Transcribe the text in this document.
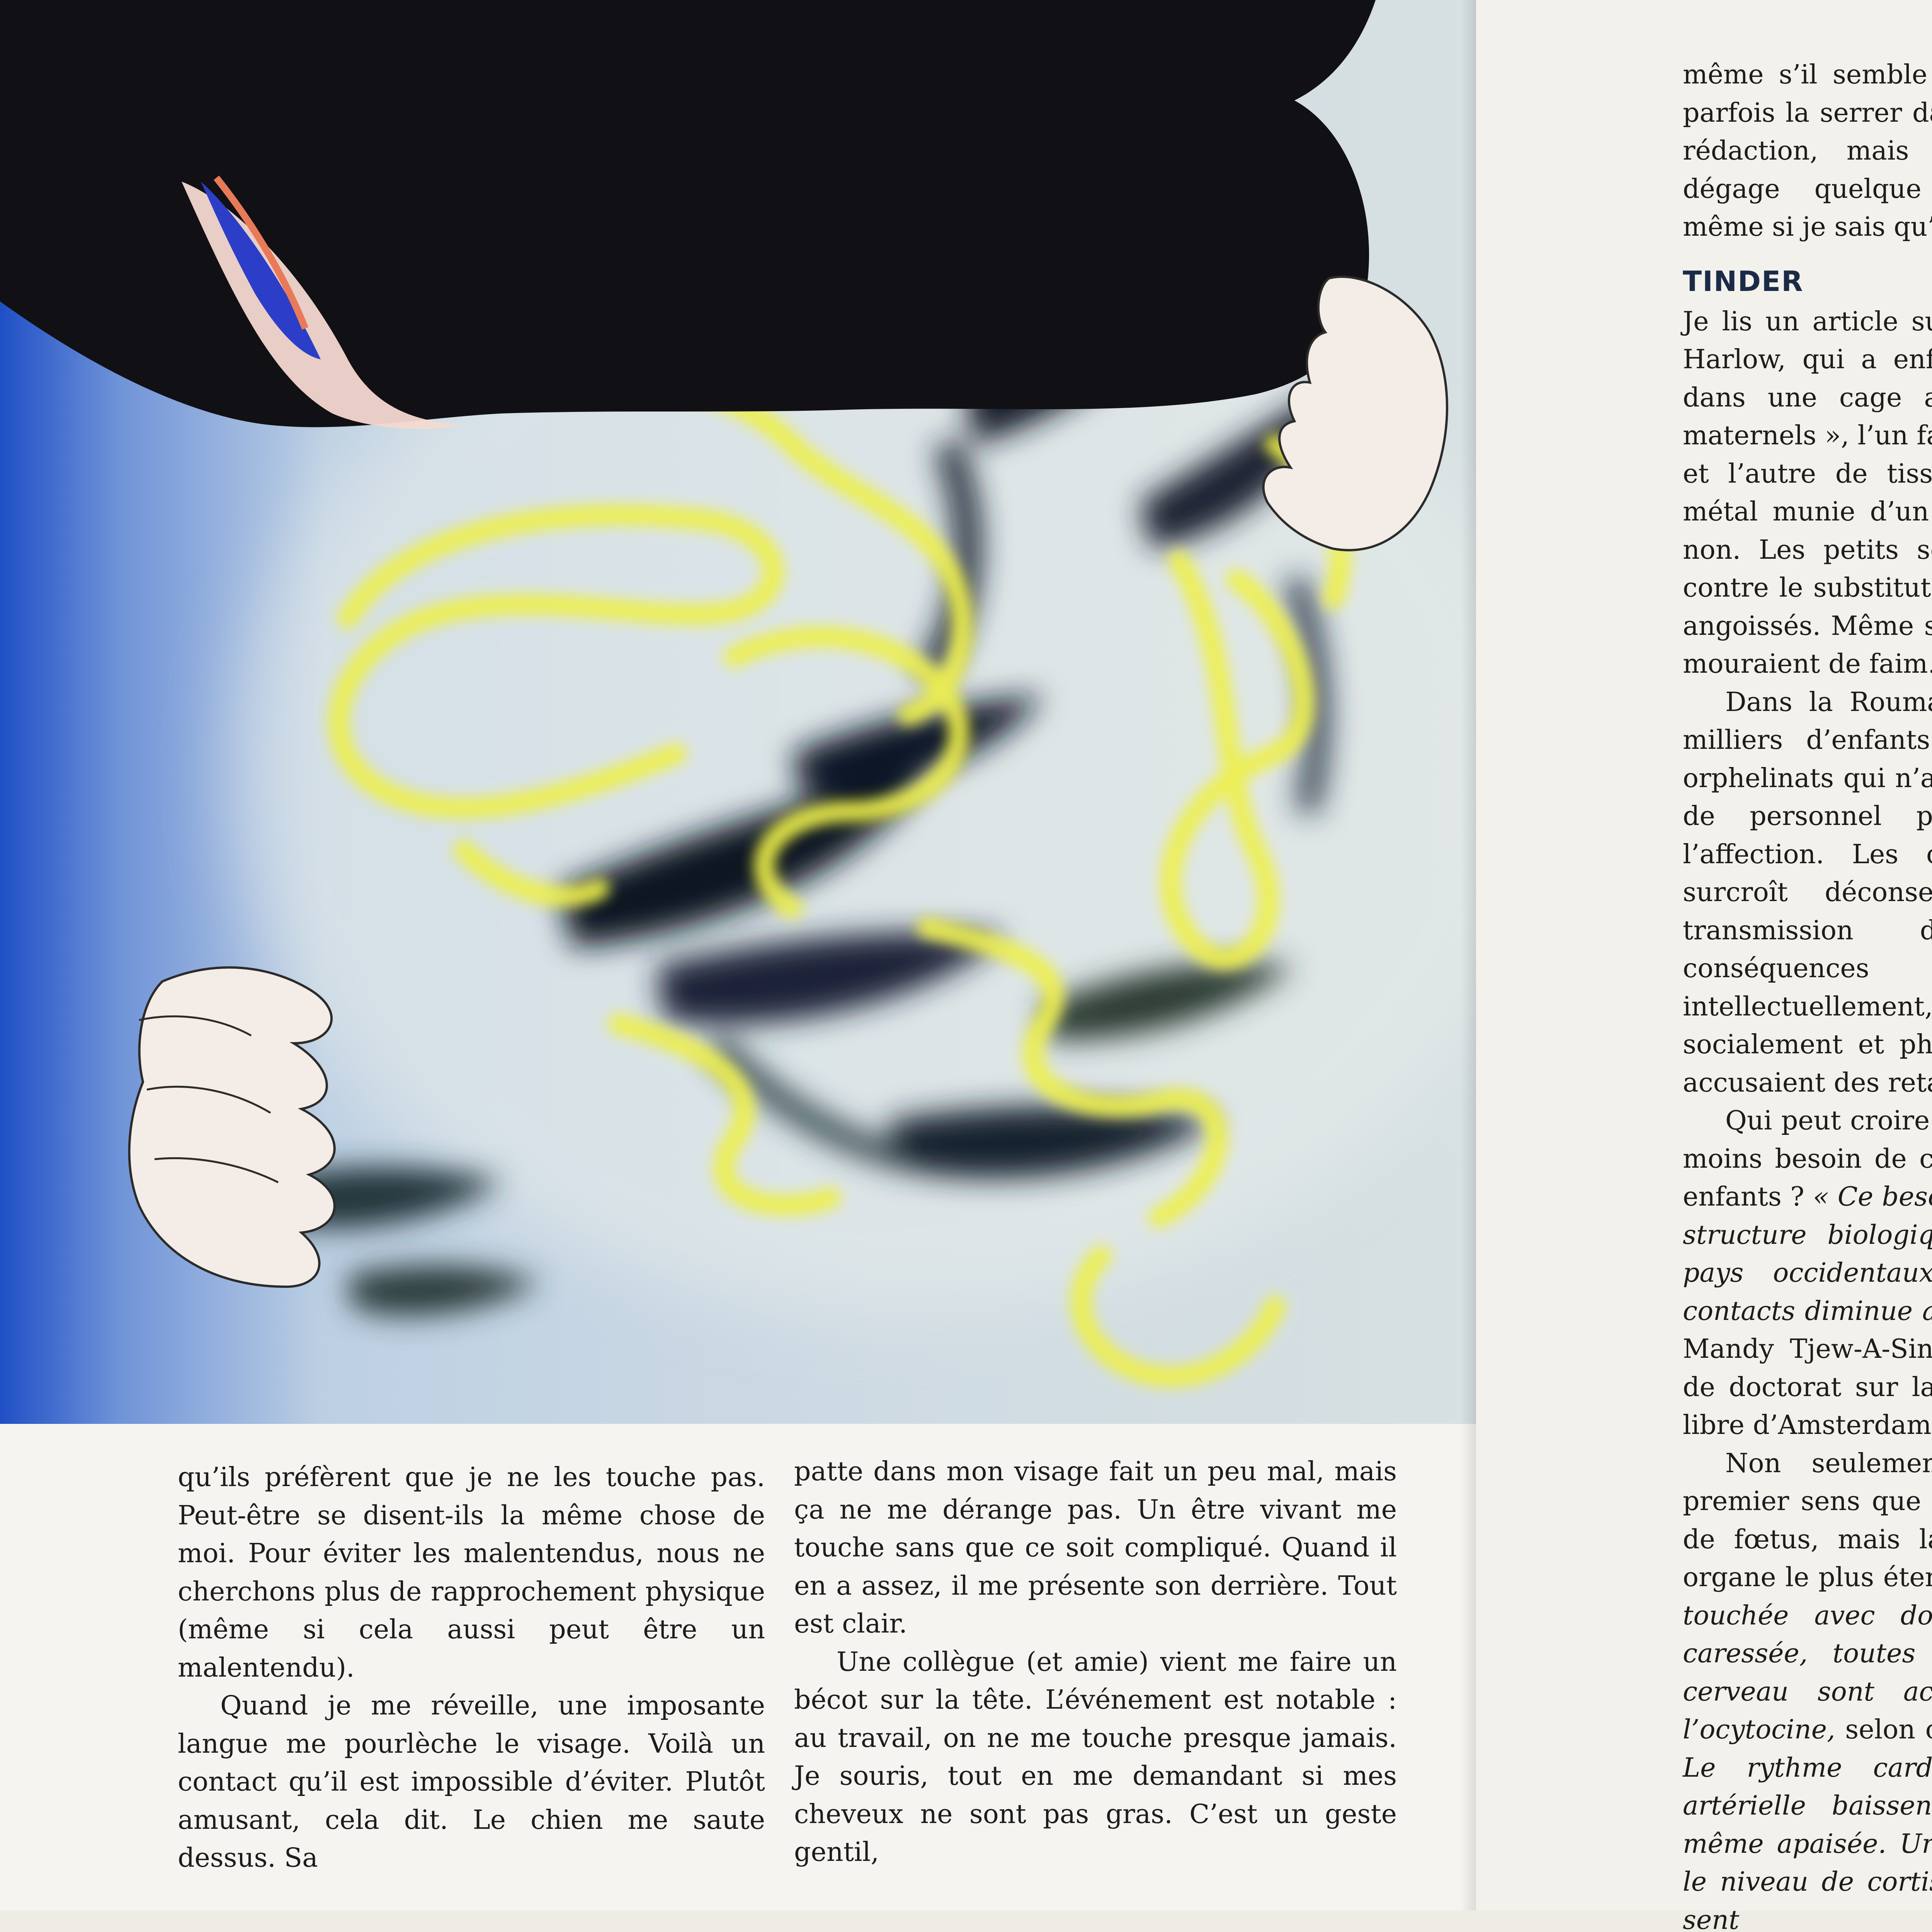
qu’ils préfèrent que je ne les touche pas. Peut-être se disent-ils la même chose de moi. Pour éviter les malentendus, nous ne cherchons plus de rapprochement physique (même si cela aussi peut être un malentendu).

Quand je me réveille, une imposante langue me pourlèche le visage. Voilà un contact qu’il est impossible d’éviter. Plutôt amusant, cela dit. Le chien me saute dessus. Sa

patte dans mon visage fait un peu mal, mais ça ne me dérange pas. Un être vivant me touche sans que ce soit compliqué. Quand il en a assez, il me présente son derrière. Tout est clair.

Une collègue (et amie) vient me faire un bécot sur la tête. L’événement est notable : au travail, on ne me touche presque jamais. Je souris, tout en me demandant si mes cheveux ne sont pas gras. C’est un geste gentil,

même s’il semble parfois la serrer d rédaction, mais dégage quelque même si je sais qu’

TINDER

Je lis un article s Harlow, qui a enf dans une cage a maternels », l’un f et l’autre de tiss métal munie d’un non. Les petits s contre le substitut angoissés. Même s mouraient de faim.

Dans la Roum milliers d’enfants orphelinats qui n’a de personnel p l’affection. Les surcroît déconse transmission d conséquences intellectuellement, socialement et ph accusaient des ret

Qui peut croire moins besoin de c enfants ? « Ce bes structure biologiq pays occidentaux, contacts diminue Mandy Tjew-A-Sin, de doctorat sur la libre d’Amsterdam.

Non seulemen premier sens que de fœtus, mais l organe le plus éte touchée avec do caressée, toutes cerveau sont ac l’ocytocine, selon Le rythme card artérielle baissen même apaisée. U le niveau de corti sent
